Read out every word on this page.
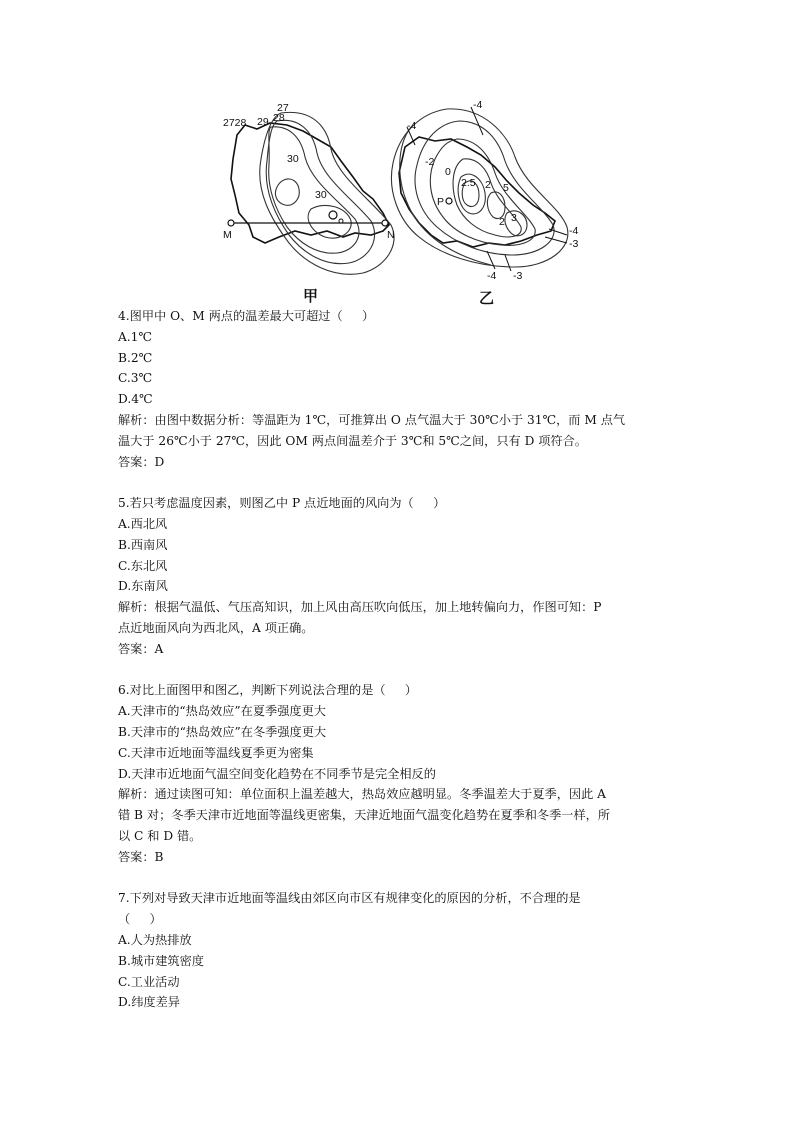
2728 29 28
27
30
30
M	N
甲
-4
-4
-2
0
2.5 2 5
2 3
P
-4
-3
-3
-4
乙

4.图甲中 O、M 两点的温差最大可超过（     ）

A.1℃

B.2℃

C.3℃

D.4℃

解析：由图中数据分析：等温距为 1℃，可推算出 O 点气温大于 30℃小于 31℃，而 M 点气

温大于 26℃小于 27℃，因此 OM 两点间温差介于 3℃和 5℃之间，只有 D 项符合。

答案：D

5.若只考虑温度因素，则图乙中 P 点近地面的风向为（     ）

A.西北风

B.西南风

C.东北风

D.东南风

解析：根据气温低、气压高知识，加上风由高压吹向低压，加上地转偏向力，作图可知：P

点近地面风向为西北风，A 项正确。

答案：A

6.对比上面图甲和图乙，判断下列说法合理的是（     ）

A.天津市的“热岛效应”在夏季强度更大

B.天津市的“热岛效应”在冬季强度更大

C.天津市近地面等温线夏季更为密集

D.天津市近地面气温空间变化趋势在不同季节是完全相反的

解析：通过读图可知：单位面积上温差越大，热岛效应越明显。冬季温差大于夏季，因此 A

错 B 对；冬季天津市近地面等温线更密集，天津近地面气温变化趋势在夏季和冬季一样，所

以 C 和 D 错。

答案：B

7.下列对导致天津市近地面等温线由郊区向市区有规律变化的原因的分析，不合理的是

（     ）

A.人为热排放

B.城市建筑密度

C.工业活动

D.纬度差异
